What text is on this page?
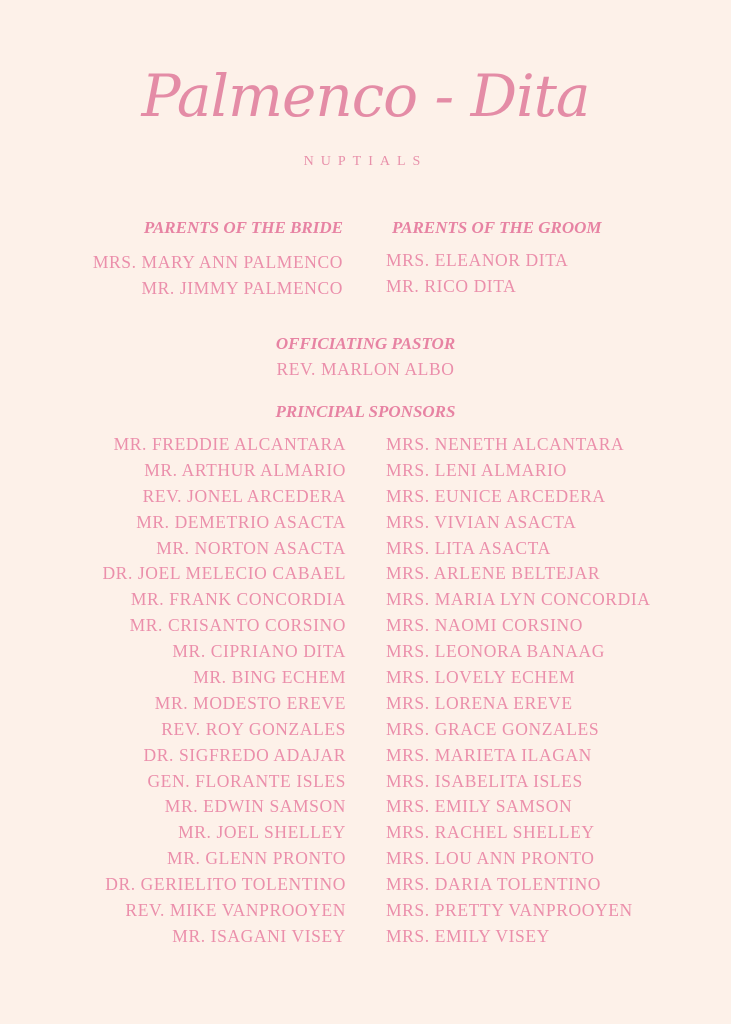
Palmenco - Dita
NUPTIALS
PARENTS OF THE BRIDE
MRS. MARY ANN PALMENCO
MR. JIMMY PALMENCO
PARENTS OF THE GROOM
MRS. ELEANOR DITA
MR. RICO DITA
OFFICIATING PASTOR
REV. MARLON ALBO
PRINCIPAL SPONSORS
MR. FREDDIE ALCANTARA
MR. ARTHUR ALMARIO
REV. JONEL ARCEDERA
MR. DEMETRIO ASACTA
MR. NORTON ASACTA
DR. JOEL MELECIO CABAEL
MR. FRANK CONCORDIA
MR. CRISANTO CORSINO
MR. CIPRIANO DITA
MR. BING ECHEM
MR. MODESTO EREVE
REV. ROY GONZALES
DR. SIGFREDO ADAJAR
GEN. FLORANTE ISLES
MR. EDWIN SAMSON
MR. JOEL SHELLEY
MR. GLENN PRONTO
DR. GERIELITO TOLENTINO
REV. MIKE VANPROOYEN
MR. ISAGANI VISEY
MRS. NENETH ALCANTARA
MRS. LENI ALMARIO
MRS. EUNICE ARCEDERA
MRS. VIVIAN ASACTA
MRS. LITA ASACTA
MRS. ARLENE BELTEJAR
MRS. MARIA LYN CONCORDIA
MRS. NAOMI CORSINO
MRS. LEONORA BANAAG
MRS. LOVELY ECHEM
MRS. LORENA EREVE
MRS. GRACE GONZALES
MRS. MARIETA ILAGAN
MRS. ISABELITA ISLES
MRS. EMILY SAMSON
MRS. RACHEL SHELLEY
MRS. LOU ANN PRONTO
MRS. DARIA TOLENTINO
MRS. PRETTY VANPROOYEN
MRS. EMILY VISEY
